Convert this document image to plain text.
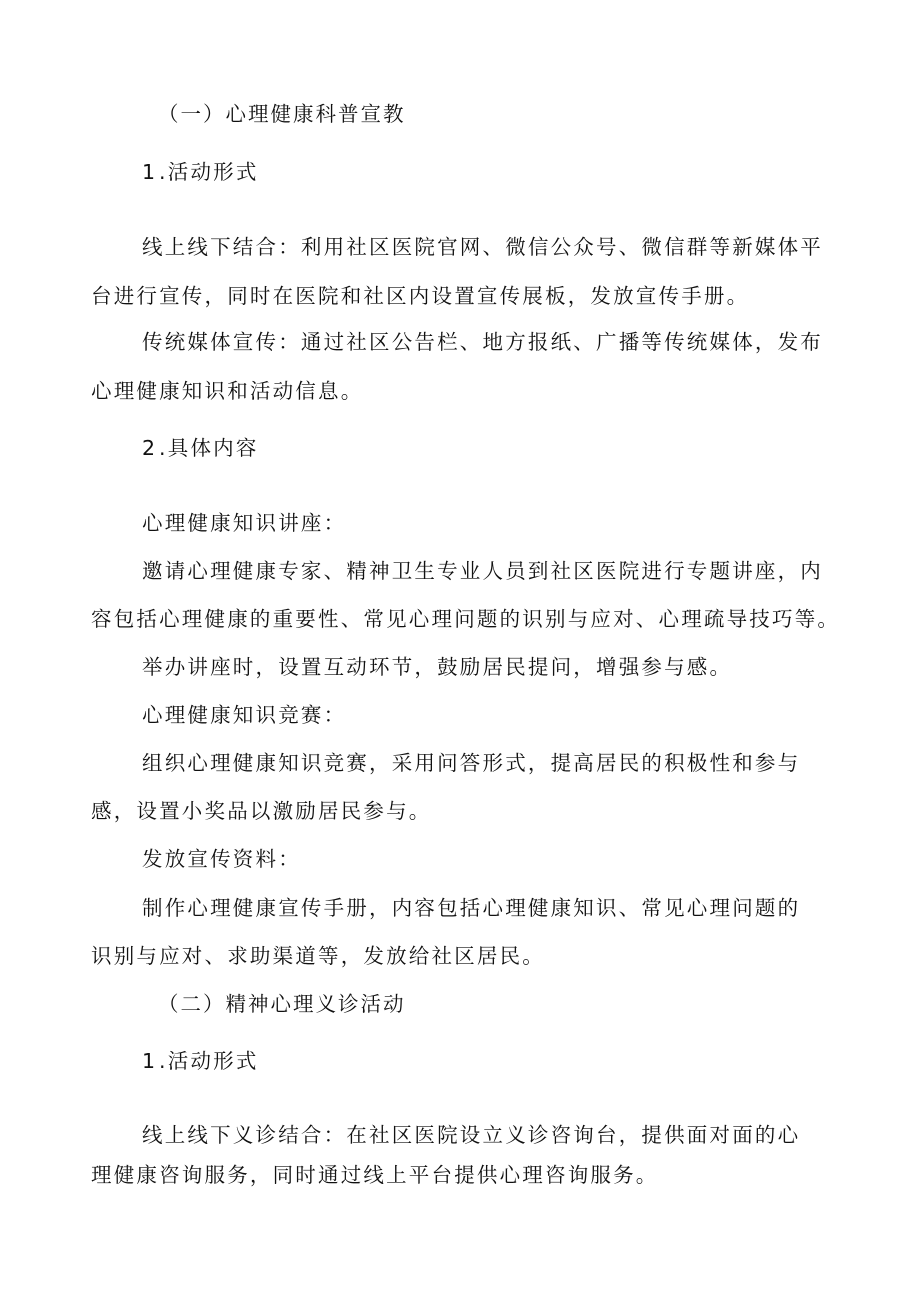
（一）心理健康科普宣教
1 .活动形式
线上线下结合：利用社区医院官网、微信公众号、微信群等新媒体平
台进行宣传，同时在医院和社区内设置宣传展板，发放宣传手册。
传统媒体宣传：通过社区公告栏、地方报纸、广播等传统媒体，发布
心理健康知识和活动信息。
2 .具体内容
心理健康知识讲座：
邀请心理健康专家、精神卫生专业人员到社区医院进行专题讲座，内
容包括心理健康的重要性、常见心理问题的识别与应对、心理疏导技巧等。
举办讲座时，设置互动环节，鼓励居民提问，增强参与感。
心理健康知识竞赛：
组织心理健康知识竞赛，采用问答形式，提高居民的积极性和参与
感，设置小奖品以激励居民参与。
发放宣传资料：
制作心理健康宣传手册，内容包括心理健康知识、常见心理问题的
识别与应对、求助渠道等，发放给社区居民。
（二）精神心理义诊活动
1 .活动形式
线上线下义诊结合：在社区医院设立义诊咨询台，提供面对面的心
理健康咨询服务，同时通过线上平台提供心理咨询服务。
